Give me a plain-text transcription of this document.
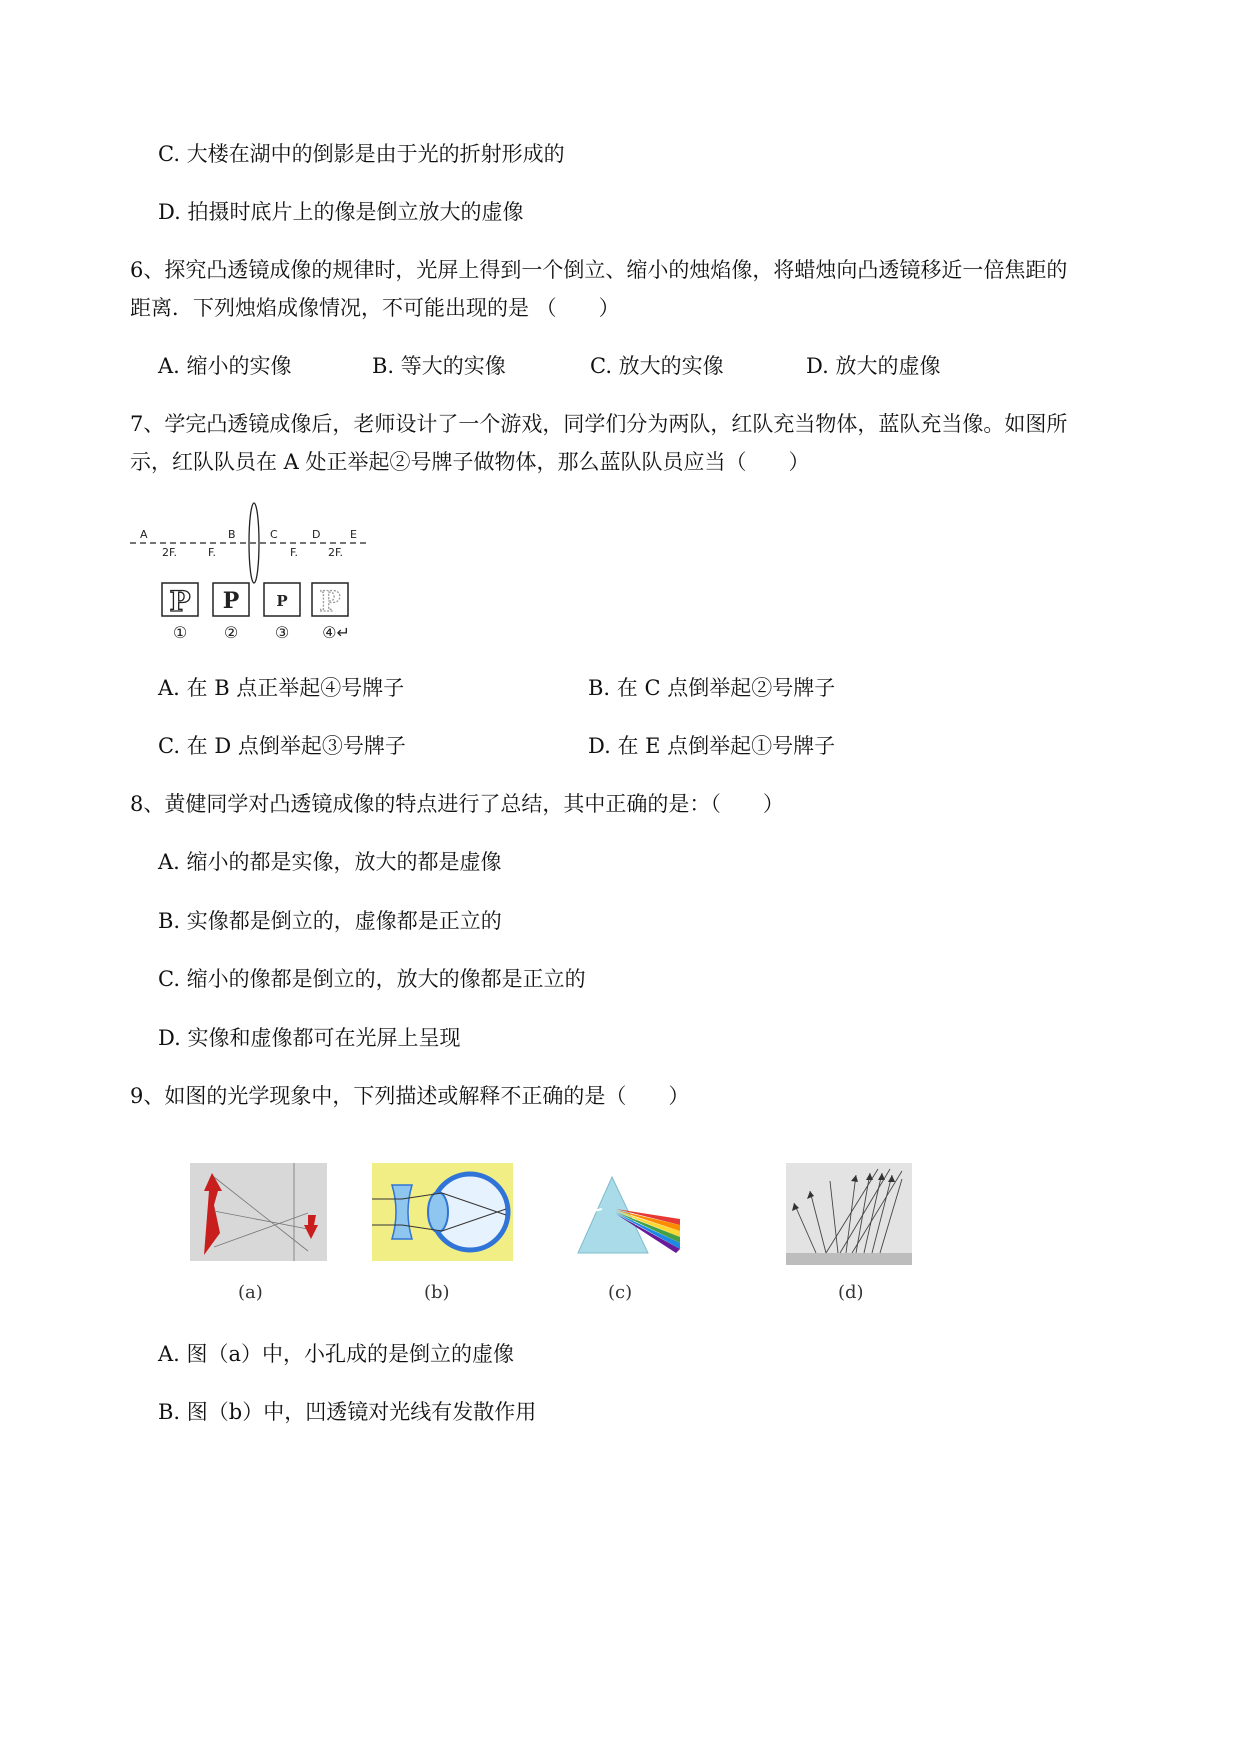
C. 大楼在湖中的倒影是由于光的折射形成的
D. 拍摄时底片上的像是倒立放大的虚像
6、探究凸透镜成像的规律时，光屏上得到一个倒立、缩小的烛焰像，将蜡烛向凸透镜移近一倍焦距的
距离．下列烛焰成像情况，不可能出现的是 （　　）
A. 缩小的实像	B. 等大的实像	C. 放大的实像	D. 放大的虚像
7、学完凸透镜成像后，老师设计了一个游戏，同学们分为两队，红队充当物体，蓝队充当像。如图所
示，红队队员在 A 处正举起②号牌子做物体，那么蓝队队员应当（　　）
A	B	C	D	E
2F.	F.	F.	2F.
P P P P
① ② ③ ④↵
A. 在 B 点正举起④号牌子	B. 在 C 点倒举起②号牌子
C. 在 D 点倒举起③号牌子	D. 在 E 点倒举起①号牌子
8、黄健同学对凸透镜成像的特点进行了总结，其中正确的是：（　　）
A. 缩小的都是实像，放大的都是虚像
B. 实像都是倒立的，虚像都是正立的
C. 缩小的像都是倒立的，放大的像都是正立的
D. 实像和虚像都可在光屏上呈现
9、如图的光学现象中，下列描述或解释不正确的是（　　）
(a)	(b)	(c)	(d)
A. 图（a）中，小孔成的是倒立的虚像
B. 图（b）中，凹透镜对光线有发散作用
